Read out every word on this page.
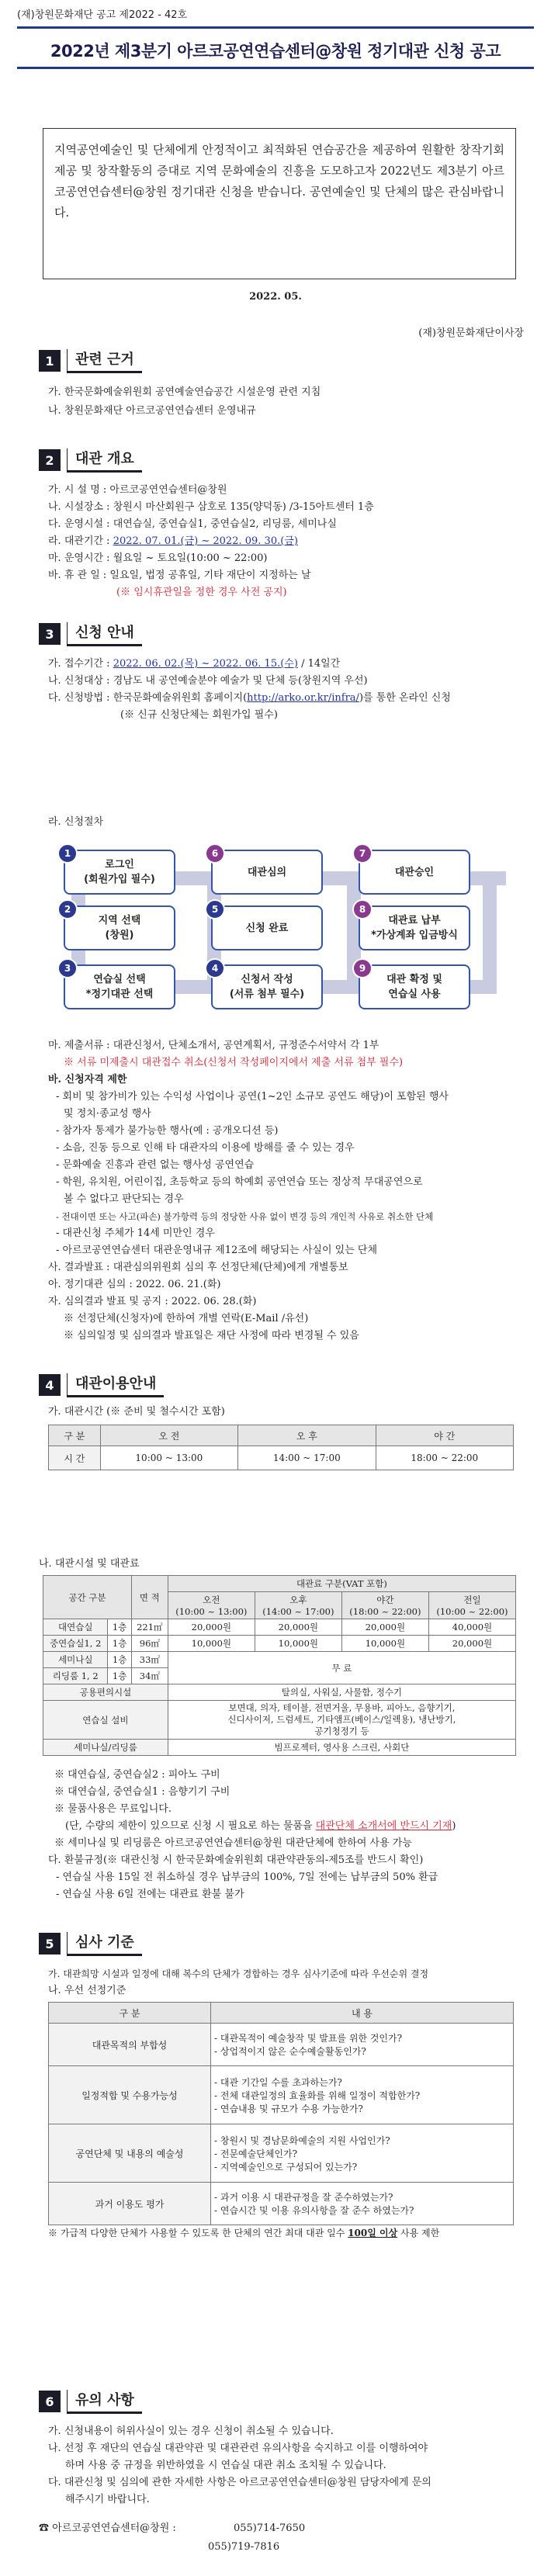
(재)창원문화재단 공고 제2022 - 42호
2022년 제3분기 아르코공연연습센터@창원 정기대관 신청 공고
지역공연예술인 및 단체에게 안정적이고 최적화된 연습공간을 제공하여 원활한 창작기회 제공 및 창작활동의 증대로 지역 문화예술의 진흥을 도모하고자 2022년도 제3분기 아르코공연연습센터@창원 정기대관 신청을 받습니다. 공연예술인 및 단체의 많은 관심바랍니다.
2022. 05.
(재)창원문화재단이사장
1	관련 근거
가. 한국문화예술위원회 공연예술연습공간 시설운영 관련 지침
나. 창원문화재단 아르코공연연습센터 운영내규
2	대관 개요
가. 시 설 명 : 아르코공연연습센터@창원
나. 시설장소 : 창원시 마산회원구 삼호로 135(양덕동) /3-15아트센터 1층
다. 운영시설 : 대연습실, 중연습실1, 중연습실2, 리딩룸, 세미나실
라. 대관기간 : 2022. 07. 01.(금) ~ 2022. 09. 30.(금)
마. 운영시간 : 월요일 ~ 토요일(10:00 ~ 22:00)
바. 휴 관 일 : 일요일, 법정 공휴일, 기타 재단이 지정하는 날
(※ 임시휴관일을 정한 경우 사전 공지)
3	신청 안내
가. 접수기간 : 2022. 06. 02.(목) ~ 2022. 06. 15.(수) / 14일간
나. 신청대상 : 경남도 내 공연예술분야 예술가 및 단체 등(창원지역 우선)
다. 신청방법 : 한국문화예술위원회 홈페이지(http://arko.or.kr/infra/)를 통한 온라인 신청
(※ 신규 신청단체는 회원가입 필수)
라. 신청절차
로그인
(회원가입 필수)
1
지역 선택
(창원)
2
연습실 선택
*정기대관 선택
3
신청서 작성
(서류 첨부 필수)
4
신청 완료
5
대관심의
6
대관승인
7
대관료 납부
*가상계좌 입금방식
8
대관 확정 및
연습실 사용
9
마. 제출서류 : 대관신청서, 단체소개서, 공연계획서, 규정준수서약서 각 1부
※ 서류 미제출시 대관접수 취소(신청서 작성페이지에서 제출 서류 첨부 필수)
바. 신청자격 제한
- 회비 및 참가비가 있는 수익성 사업이나 공연(1~2인 소규모 공연도 해당)이 포함된 행사
및 정치·종교성 행사
- 참가자 통제가 불가능한 행사(예 : 공개오디션 등)
- 소음, 진동 등으로 인해 타 대관자의 이용에 방해를 줄 수 있는 경우
- 문화예술 진흥과 관련 없는 행사성 공연연습
- 학원, 유치원, 어린이집, 초등학교 등의 학예회 공연연습 또는 정상적 무대공연으로
볼 수 없다고 판단되는 경우
- 전대이면 또는 사고(파손) 불가항력 등의 정당한 사유 없이 변경 등의 개인적 사유로 취소한 단체
- 대관신청 주체가 14세 미만인 경우
- 아르코공연연습센터 대관운영내규 제12조에 해당되는 사실이 있는 단체
사. 결과발표 : 대관심의위원회 심의 후 선정단체(단체)에게 개별통보
아. 정기대관 심의 : 2022. 06. 21.(화)
자. 심의결과 발표 및 공지 : 2022. 06. 28.(화)
※ 선정단체(신청자)에 한하여 개별 연락(E-Mail /유선)
※ 심의일정 및 심의결과 발표일은 재단 사정에 따라 변경될 수 있음
4	대관이용안내
가. 대관시간 (※ 준비 및 철수시간 포함)
구 분	오 전	오 후	야 간
시 간	10:00 ~ 13:00	14:00 ~ 17:00	18:00 ~ 22:00
나. 대관시설 및 대관료
공간 구분		면 적	대관료 구분(VAT 포함)			
			오전
(10:00 ~ 13:00)	오후
(14:00 ~ 17:00)	야간
(18:00 ~ 22:00)	전일
(10:00 ~ 22:00)
대연습실	1층	221㎡	20,000원	20,000원	20,000원	40,000원
중연습실1, 2	1층	96㎡	10,000원	10,000원	10,000원	20,000원
세미나실	1층	33㎡	무 료			
리딩룸 1, 2	1층	34㎡				
공용편의시설			탈의실, 사워실, 사물함, 정수기			
연습실 설비			보면대, 의자, 테이블, 전면거울, 무용바, 피아노, 음향기기,
신디사이저, 드럼세트, 기타앰프(베이스/일렉용), 냉난방기,
공기청정기 등			
세미나실/리딩룸			빔프로젝터, 영사용 스크린, 사회단			
※ 대연습실, 중연습실2 : 피아노 구비
※ 대연습실, 중연습실1 : 음향기기 구비
※ 물품사용은 무료입니다.
(단, 수량의 제한이 있으므로 신청 시 필요로 하는 물품을 대관단체 소개서에 반드시 기재)
※ 세미나실 및 리딩룸은 아르코공연연습센터@창원 대관단체에 한하여 사용 가능
다. 환불규정(※ 대관신청 시 한국문화예술위원회 대관약관동의-제5조를 반드시 확인)
- 연습실 사용 15일 전 취소하실 경우 납부금의 100%, 7일 전에는 납부금의 50% 환급
- 연습실 사용 6일 전에는 대관료 환불 불가
5	심사 기준
가. 대관희망 시설과 일정에 대해 복수의 단체가 경합하는 경우 심사기준에 따라 우선순위 결정
나. 우선 선정기준
구 분	내 용
대관목적의 부합성	- 대관목적이 예술창작 및 발표를 위한 것인가?
- 상업적이지 않은 순수예술활동인가?

일정적합 및 수용가능성	- 대관 기간일 수를 초과하는가?
- 전체 대관일정의 효율화를 위해 일정이 적합한가?
- 연습내용 및 규모가 수용 가능한가?

공연단체 및 내용의 예술성	- 창원시 및 경남문화예술의 지원 사업인가?
- 전문예술단체인가?
- 지역예술인으로 구성되어 있는가?

과거 이용도 평가	- 과거 이용 시 대관규정을 잘 준수하였는가?
- 연습시간 및 이용 유의사항을 잘 준수 하였는가?
※ 가급적 다양한 단체가 사용할 수 있도록 한 단체의 연간 최대 대관 일수 100일 이상 사용 제한
6	유의 사항
가. 신청내용이 허위사실이 있는 경우 신청이 취소될 수 있습니다.
나. 선정 후 재단의 연습실 대관약관 및 대관관련 유의사항을 숙지하고 이를 이행하여야
하며 사용 중 규정을 위반하였을 시 연습실 대관 취소 조치될 수 있습니다.
다. 대관신청 및 심의에 관한 자세한 사항은 아르코공연연습센터@창원 담당자에게 문의
해주시기 바랍니다.
☎ 아르코공연연습센터@창원 :	055)714-7650
055)719-7816
